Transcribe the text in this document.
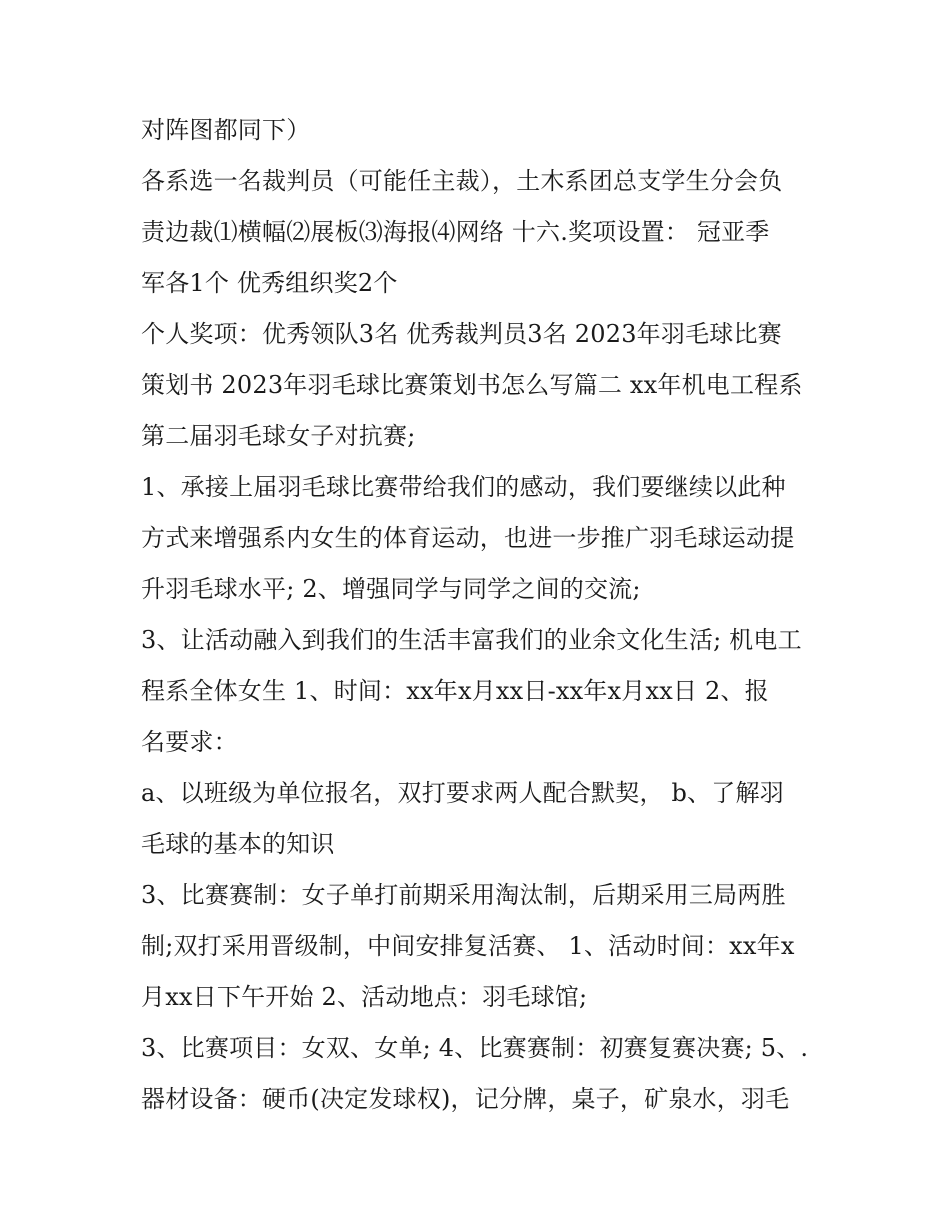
对阵图都同下）
各系选一名裁判员（可能任主裁），土木系团总支学生分会负
责边裁⑴横幅⑵展板⑶海报⑷网络 十六.奖项设置： 冠亚季
军各1个 优秀组织奖2个
个人奖项：优秀领队3名 优秀裁判员3名 2023年羽毛球比赛
策划书 2023年羽毛球比赛策划书怎么写篇二 xx年机电工程系
第二届羽毛球女子对抗赛;
1、承接上届羽毛球比赛带给我们的感动，我们要继续以此种
方式来增强系内女生的体育运动，也进一步推广羽毛球运动提
升羽毛球水平; 2、增强同学与同学之间的交流;
3、让活动融入到我们的生活丰富我们的业余文化生活; 机电工
程系全体女生 1、时间：xx年x月xx日-xx年x月xx日 2、报
名要求：
a、以班级为单位报名，双打要求两人配合默契， b、了解羽
毛球的基本的知识
3、比赛赛制：女子单打前期采用淘汰制，后期采用三局两胜
制;双打采用晋级制，中间安排复活赛、 1、活动时间：xx年x
月xx日下午开始 2、活动地点：羽毛球馆;
3、比赛项目：女双、女单; 4、比赛赛制：初赛复赛决赛; 5、.
器材设备：硬币(决定发球权)，记分牌，桌子，矿泉水，羽毛
